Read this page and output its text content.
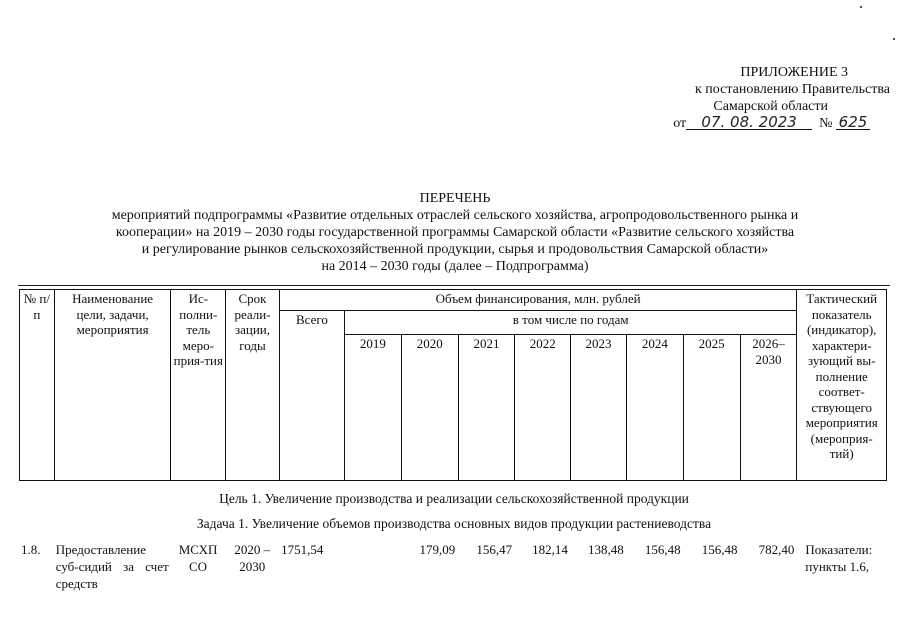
ПРИЛОЖЕНИЕ 3
к постановлению Правительства
Самарской области
от 07. 08. 2023 № 625
ПЕРЕЧЕНЬ
мероприятий подпрограммы «Развитие отдельных отраслей сельского хозяйства, агропродовольственного рынка и
кооперации» на 2019 – 2030 годы государственной программы Самарской области «Развитие сельского хозяйства
и регулирование рынков сельскохозяйственной продукции, сырья и продовольствия Самарской области»
на 2014 – 2030 годы (далее – Подпрограмма)
№ п/п	Наименование цели, задачи, мероприятия	Ис-полни-тель меро-прия-тия	Срок реали-зации, годы	Объем финансирования, млн. рублей									Тактический показатель (индикатор), характери-зующий вы-полнение соответ-ствующего мероприятия (мероприя-тий)
				Всего	в том числе по годам								
					2019	2020	2021	2022	2023	2024	2025	2026–2030	
Цель 1. Увеличение производства и реализации сельскохозяйственной продукции
Задача 1. Увеличение объемов производства основных видов продукции растениеводства
1.8.	Предоставление суб-сидий за счет средств	МСХП СО	2020 – 2030	1751,54		179,09	156,47	182,14	138,48	156,48	156,48	782,40	Показатели: пункты 1.6,
